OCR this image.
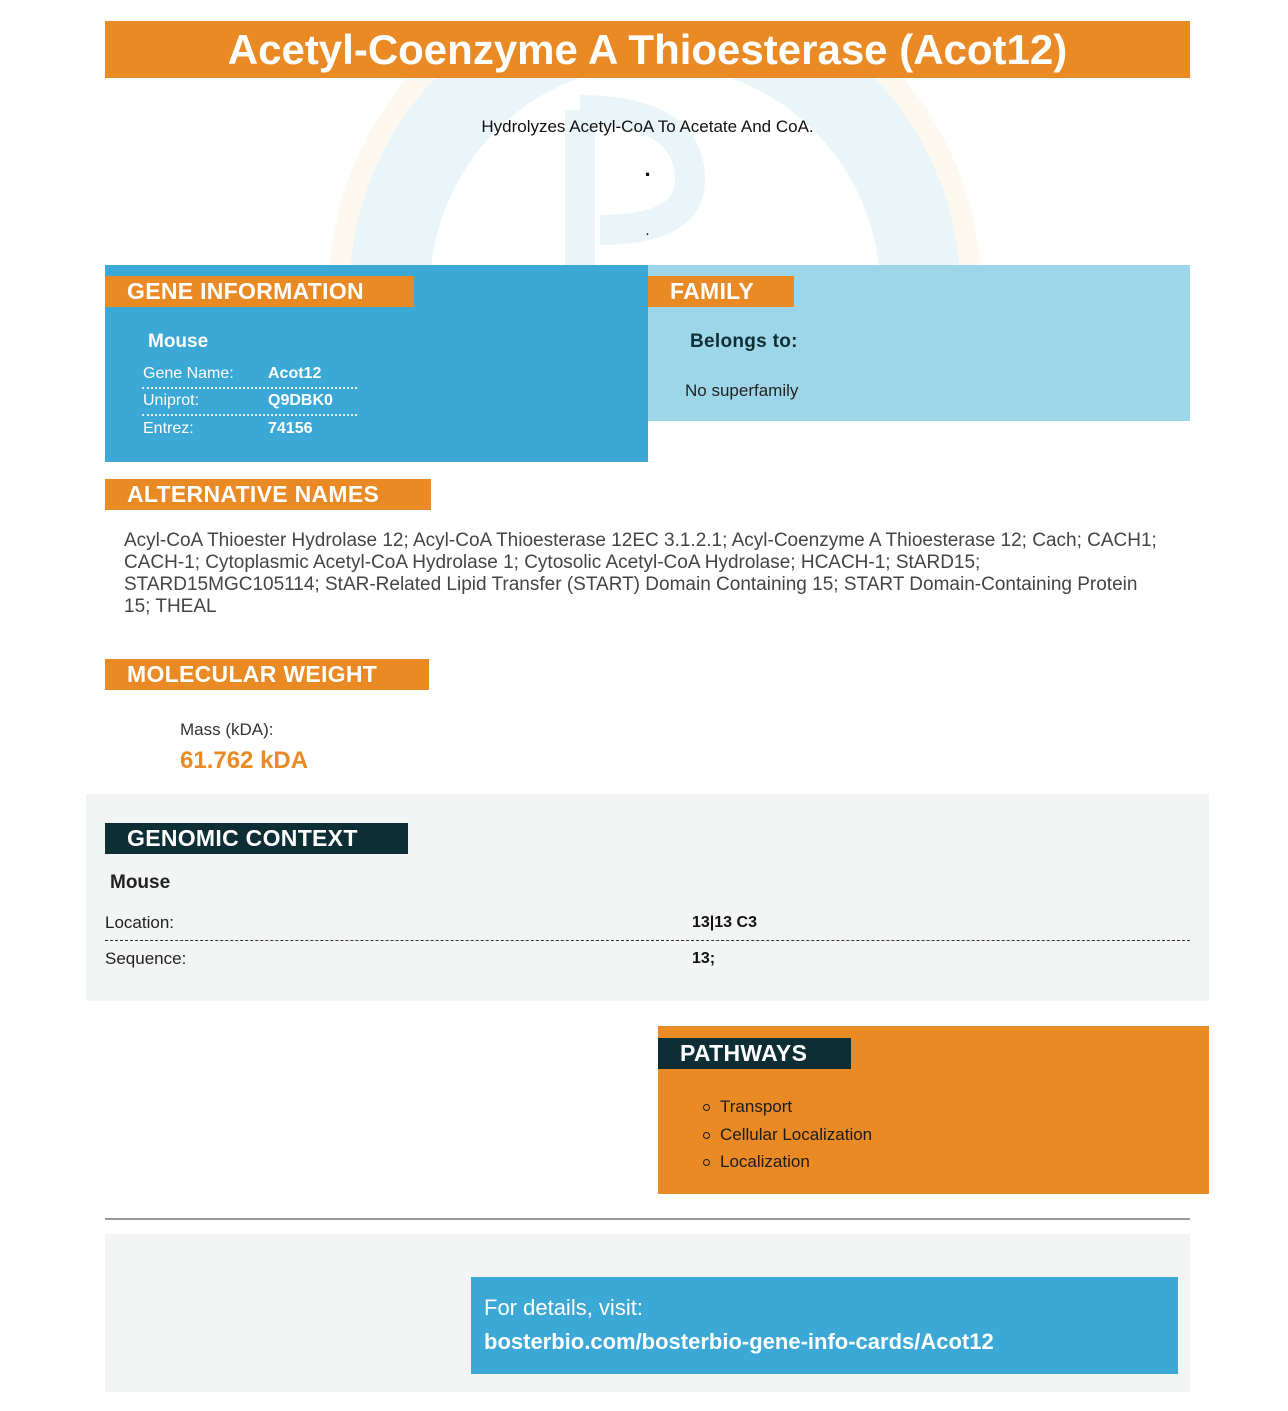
Acetyl-Coenzyme A Thioesterase (Acot12)
Hydrolyzes Acetyl-CoA To Acetate And CoA.
.
.
GENE INFORMATION
Mouse
Gene Name: Acot12
Uniprot:	Q9DBK0
Entrez:	74156
FAMILY
Belongs to:
No superfamily
ALTERNATIVE NAMES
Acyl-CoA Thioester Hydrolase 12; Acyl-CoA Thioesterase 12EC 3.1.2.1; Acyl-Coenzyme A Thioesterase 12; Cach; CACH1; CACH-1; Cytoplasmic Acetyl-CoA Hydrolase 1; Cytosolic Acetyl-CoA Hydrolase; HCACH-1; StARD15; STARD15MGC105114; StAR-Related Lipid Transfer (START) Domain Containing 15; START Domain-Containing Protein 15; THEAL
MOLECULAR WEIGHT
Mass (kDA):
61.762 kDA
GENOMIC CONTEXT
Mouse
Location:	13|13 C3
Sequence:	13;
PATHWAYS
Transport
Cellular Localization
Localization
For details, visit:
bosterbio.com/bosterbio-gene-info-cards/Acot12
